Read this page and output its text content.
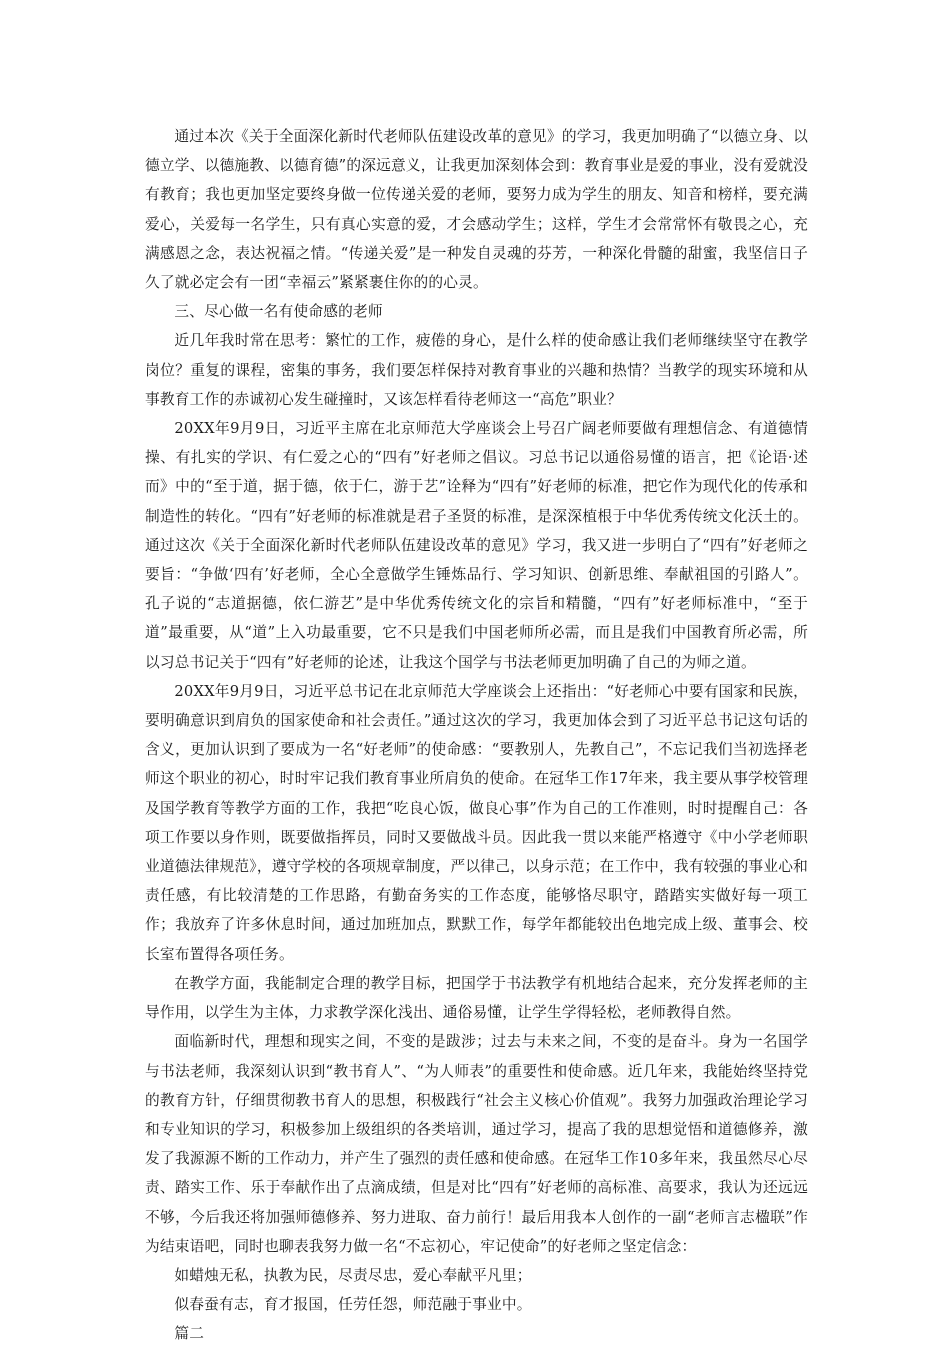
通过本次《关于全面深化新时代老师队伍建设改革的意见》的学习，我更加明确了“以德立身、以德立学、以德施教、以德育德”的深远意义，让我更加深刻体会到：教育事业是爱的事业，没有爱就没有教育；我也更加坚定要终身做一位传递关爱的老师，要努力成为学生的朋友、知音和榜样，要充满爱心，关爱每一名学生，只有真心实意的爱，才会感动学生；这样，学生才会常常怀有敬畏之心，充满感恩之念，表达祝福之情。“传递关爱”是一种发自灵魂的芬芳，一种深化骨髓的甜蜜，我坚信日子久了就必定会有一团“幸福云”紧紧裹住你的的心灵。

三、尽心做一名有使命感的老师

近几年我时常在思考：繁忙的工作，疲倦的身心，是什么样的使命感让我们老师继续坚守在教学岗位？重复的课程，密集的事务，我们要怎样保持对教育事业的兴趣和热情？当教学的现实环境和从事教育工作的赤诚初心发生碰撞时，又该怎样看待老师这一“高危”职业？

20XX年9月9日，习近平主席在北京师范大学座谈会上号召广阔老师要做有理想信念、有道德情操、有扎实的学识、有仁爱之心的“四有”好老师之倡议。习总书记以通俗易懂的语言，把《论语·述而》中的“至于道，据于德，依于仁，游于艺”诠释为“四有”好老师的标准，把它作为现代化的传承和制造性的转化。“四有”好老师的标准就是君子圣贤的标准，是深深植根于中华优秀传统文化沃土的。通过这次《关于全面深化新时代老师队伍建设改革的意见》学习，我又进一步明白了“四有”好老师之要旨：“争做‘四有’好老师，全心全意做学生锤炼品行、学习知识、创新思维、奉献祖国的引路人”。孔子说的“志道据德，依仁游艺”是中华优秀传统文化的宗旨和精髓，“四有”好老师标准中，“至于道”最重要，从“道”上入功最重要，它不只是我们中国老师所必需，而且是我们中国教育所必需，所以习总书记关于“四有”好老师的论述，让我这个国学与书法老师更加明确了自己的为师之道。

20XX年9月9日，习近平总书记在北京师范大学座谈会上还指出：“好老师心中要有国家和民族，要明确意识到肩负的国家使命和社会责任。”通过这次的学习，我更加体会到了习近平总书记这句话的含义，更加认识到了要成为一名“好老师”的使命感：“要教别人，先教自己”，不忘记我们当初选择老师这个职业的初心，时时牢记我们教育事业所肩负的使命。在冠华工作17年来，我主要从事学校管理及国学教育等教学方面的工作，我把“吃良心饭，做良心事”作为自己的工作准则，时时提醒自己：各项工作要以身作则，既要做指挥员，同时又要做战斗员。因此我一贯以来能严格遵守《中小学老师职业道德法律规范》，遵守学校的各项规章制度，严以律己，以身示范；在工作中，我有较强的事业心和责任感，有比较清楚的工作思路，有勤奋务实的工作态度，能够恪尽职守，踏踏实实做好每一项工作；我放弃了许多休息时间，通过加班加点，默默工作，每学年都能较出色地完成上级、董事会、校长室布置得各项任务。

在教学方面，我能制定合理的教学目标，把国学于书法教学有机地结合起来，充分发挥老师的主导作用，以学生为主体，力求教学深化浅出、通俗易懂，让学生学得轻松，老师教得自然。

面临新时代，理想和现实之间，不变的是跋涉；过去与未来之间，不变的是奋斗。身为一名国学与书法老师，我深刻认识到“教书育人”、“为人师表”的重要性和使命感。近几年来，我能始终坚持党的教育方针，仔细贯彻教书育人的思想，积极践行“社会主义核心价值观”。我努力加强政治理论学习和专业知识的学习，积极参加上级组织的各类培训，通过学习，提高了我的思想觉悟和道德修养，激发了我源源不断的工作动力，并产生了强烈的责任感和使命感。在冠华工作10多年来，我虽然尽心尽责、踏实工作、乐于奉献作出了点滴成绩，但是对比“四有”好老师的高标准、高要求，我认为还远远不够，今后我还将加强师德修养、努力进取、奋力前行！最后用我本人创作的一副“老师言志楹联”作为结束语吧，同时也聊表我努力做一名“不忘初心，牢记使命”的好老师之坚定信念：

如蜡烛无私，执教为民，尽责尽忠，爱心奉献平凡里；

似春蚕有志，育才报国，任劳任怨，师范融于事业中。

篇二
